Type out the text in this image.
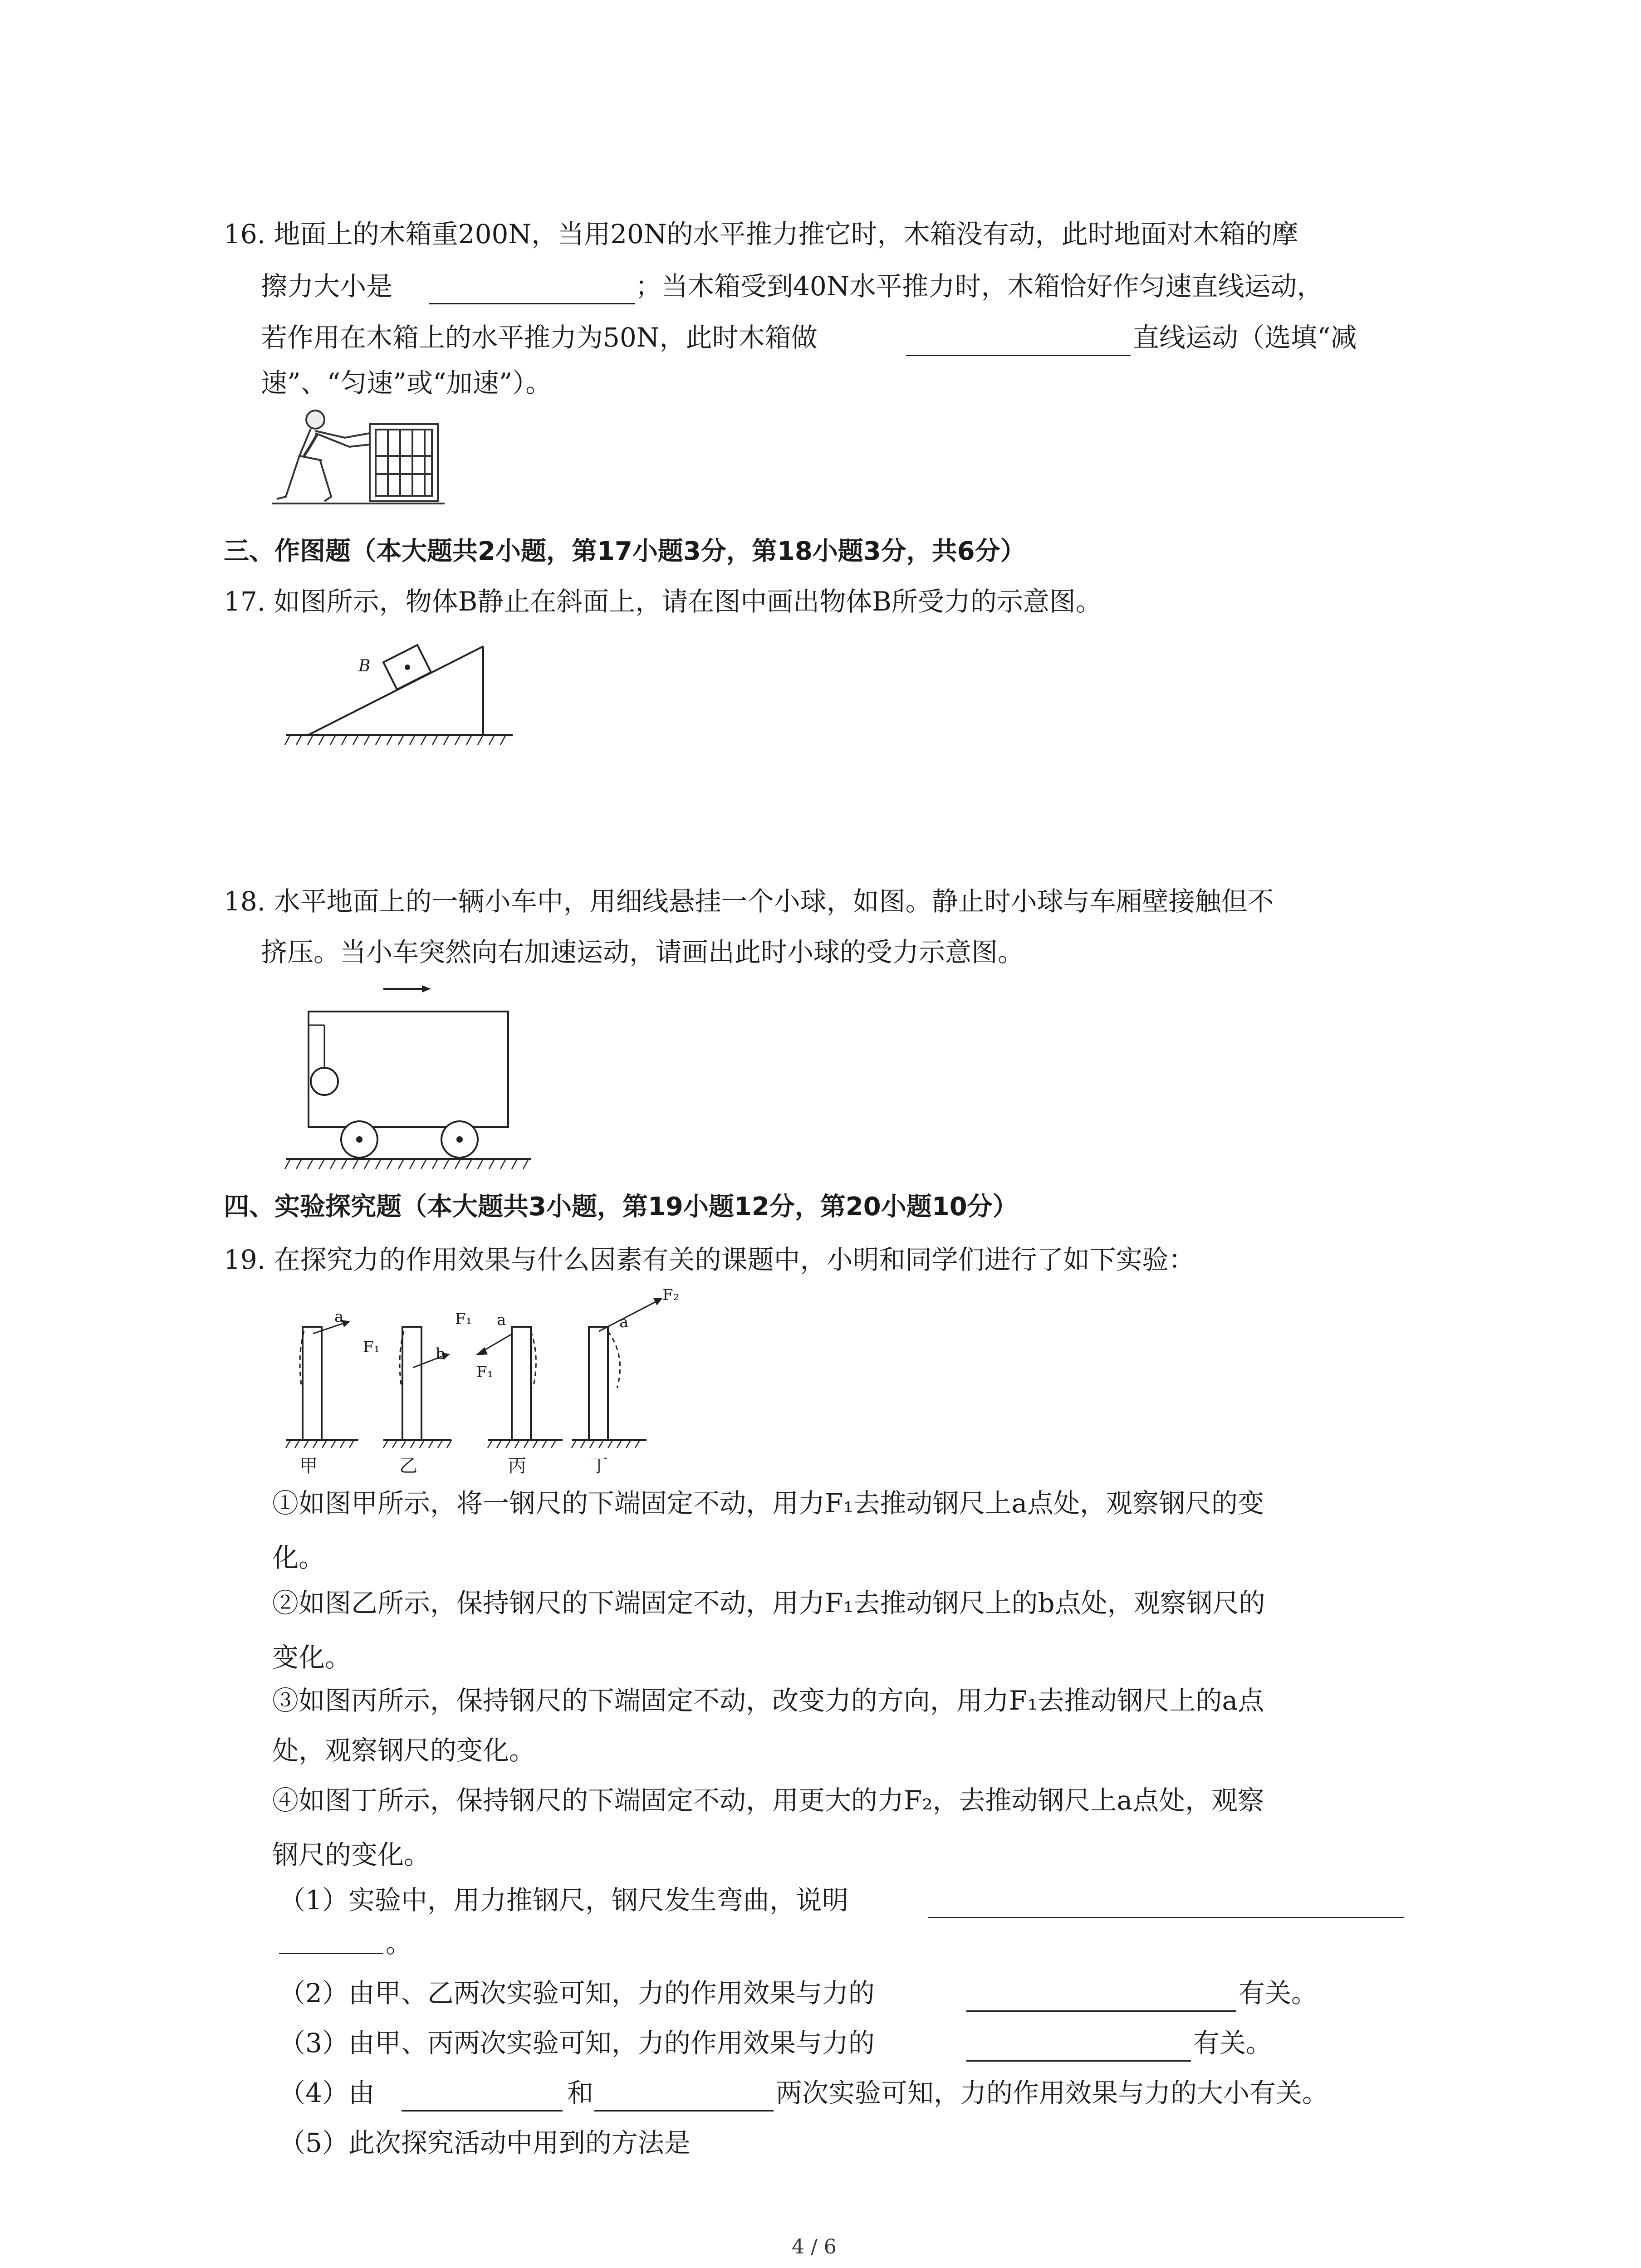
16. 地面上的木箱重200N，当用20N的水平推力推它时，木箱没有动，此时地面对木箱的摩
擦力大小是	；当木箱受到40N水平推力时，木箱恰好作匀速直线运动，
若作用在木箱上的水平推力为50N，此时木箱做	直线运动（选填“减
速”、“匀速”或“加速”）。
三、作图题（本大题共2小题，第17小题3分，第18小题3分，共6分）
17. 如图所示，物体B静止在斜面上，请在图中画出物体B所受力的示意图。
B
18. 水平地面上的一辆小车中，用细线悬挂一个小球，如图。静止时小球与车厢壁接触但不
挤压。当小车突然向右加速运动，请画出此时小球的受力示意图。
四、实验探究题（本大题共3小题，第19小题12分，第20小题10分）
19. 在探究力的作用效果与什么因素有关的课题中，小明和同学们进行了如下实验：
a
F₁
F₁
b
a
F₁
a
F₂
甲	乙	丙	丁
①如图甲所示，将一钢尺的下端固定不动，用力F₁去推动钢尺上a点处，观察钢尺的变
化。
②如图乙所示，保持钢尺的下端固定不动，用力F₁去推动钢尺上的b点处，观察钢尺的
变化。
③如图丙所示，保持钢尺的下端固定不动，改变力的方向，用力F₁去推动钢尺上的a点
处，观察钢尺的变化。
④如图丁所示，保持钢尺的下端固定不动，用更大的力F₂，去推动钢尺上a点处，观察
钢尺的变化。
（1）实验中，用力推钢尺，钢尺发生弯曲，说明
。
（2）由甲、乙两次实验可知，力的作用效果与力的	有关。
（3）由甲、丙两次实验可知，力的作用效果与力的	有关。
（4）由	和	两次实验可知，力的作用效果与力的大小有关。
（5）此次探究活动中用到的方法是
4 / 6
